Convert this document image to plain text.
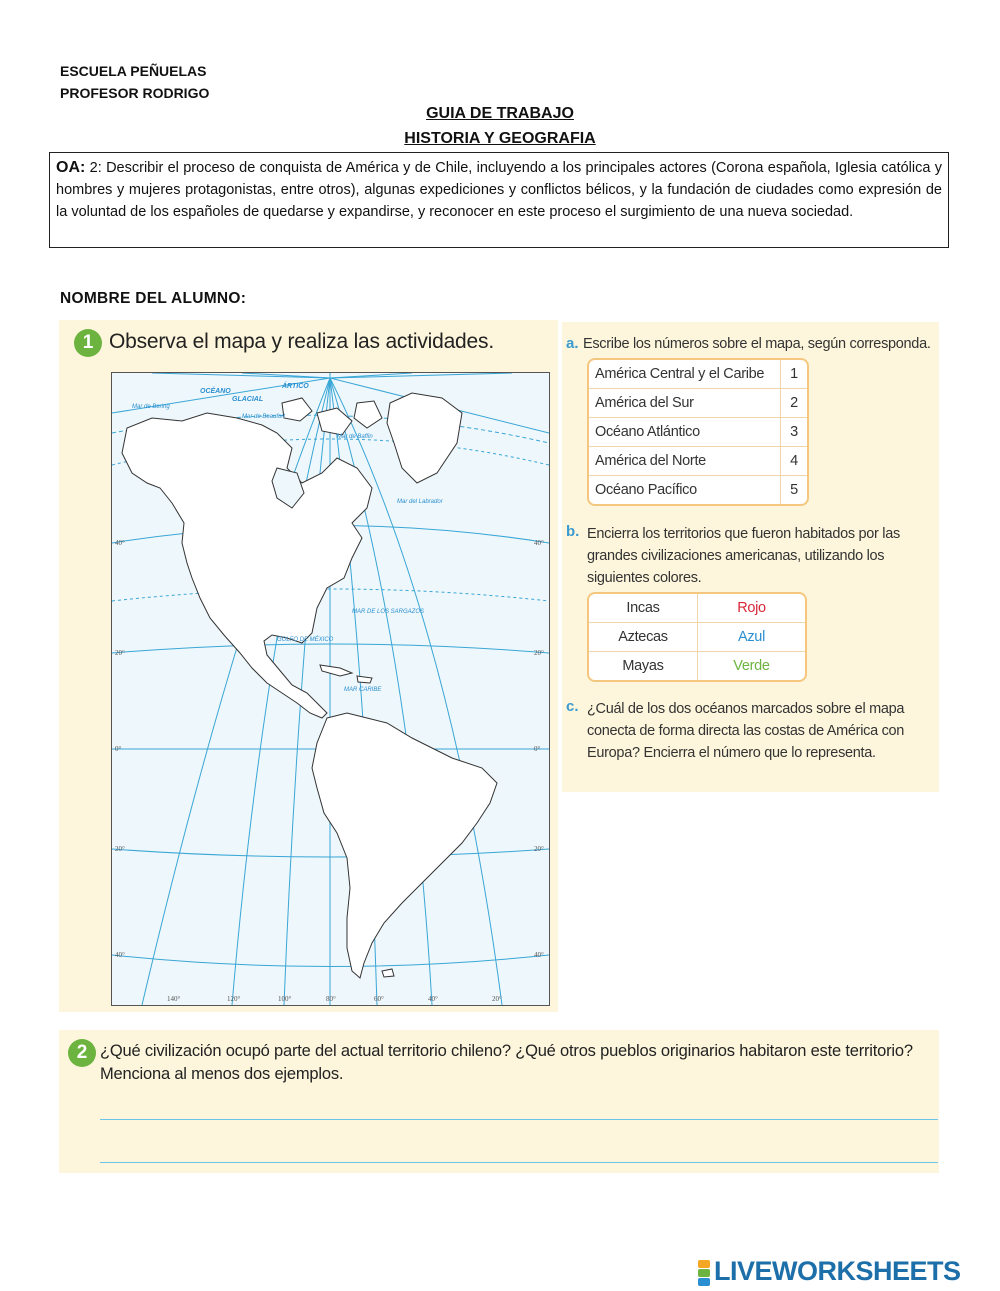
ESCUELA PEÑUELAS
PROFESOR RODRIGO
GUIA DE TRABAJO
HISTORIA Y GEOGRAFIA
OA: 2: Describir el proceso de conquista de América y de Chile, incluyendo a los principales actores (Corona española, Iglesia católica y hombres y mujeres protagonistas, entre otros), algunas expediciones y conflictos bélicos, y la fundación de ciudades como expresión de la voluntad de los españoles de quedarse y expandirse, y reconocer en este proceso el surgimiento de una nueva sociedad.
NOMBRE DEL ALUMNO:
1 Observa el mapa y realiza las actividades.
OCÉANO
GLACIAL
ÁRTICO
Mar de Bering
Mar de Beaufort
Mar de Baffin
Mar del Labrador
MAR DE LOS SARGAZOS
GOLFO DE MÉXICO
MAR CARIBE
40°
20°
0°
20°
40°
40°
20°
0°
20°
40°
140°	120°	100°	80°	60°	40°	20°
a. Escribe los números sobre el mapa, según corresponda.
América Central y el Caribe	1
América del Sur	2
Océano Atlántico	3
América del Norte	4
Océano Pacífico	5
b. Encierra los territorios que fueron habitados por las grandes civilizaciones americanas, utilizando los siguientes colores.
Incas	Rojo
Aztecas	Azul
Mayas	Verde
c. ¿Cuál de los dos océanos marcados sobre el mapa conecta de forma directa las costas de América con Europa? Encierra el número que lo representa.
2 ¿Qué civilización ocupó parte del actual territorio chileno? ¿Qué otros pueblos originarios habitaron este territorio? Menciona al menos dos ejemplos.
LIVEWORKSHEETS
